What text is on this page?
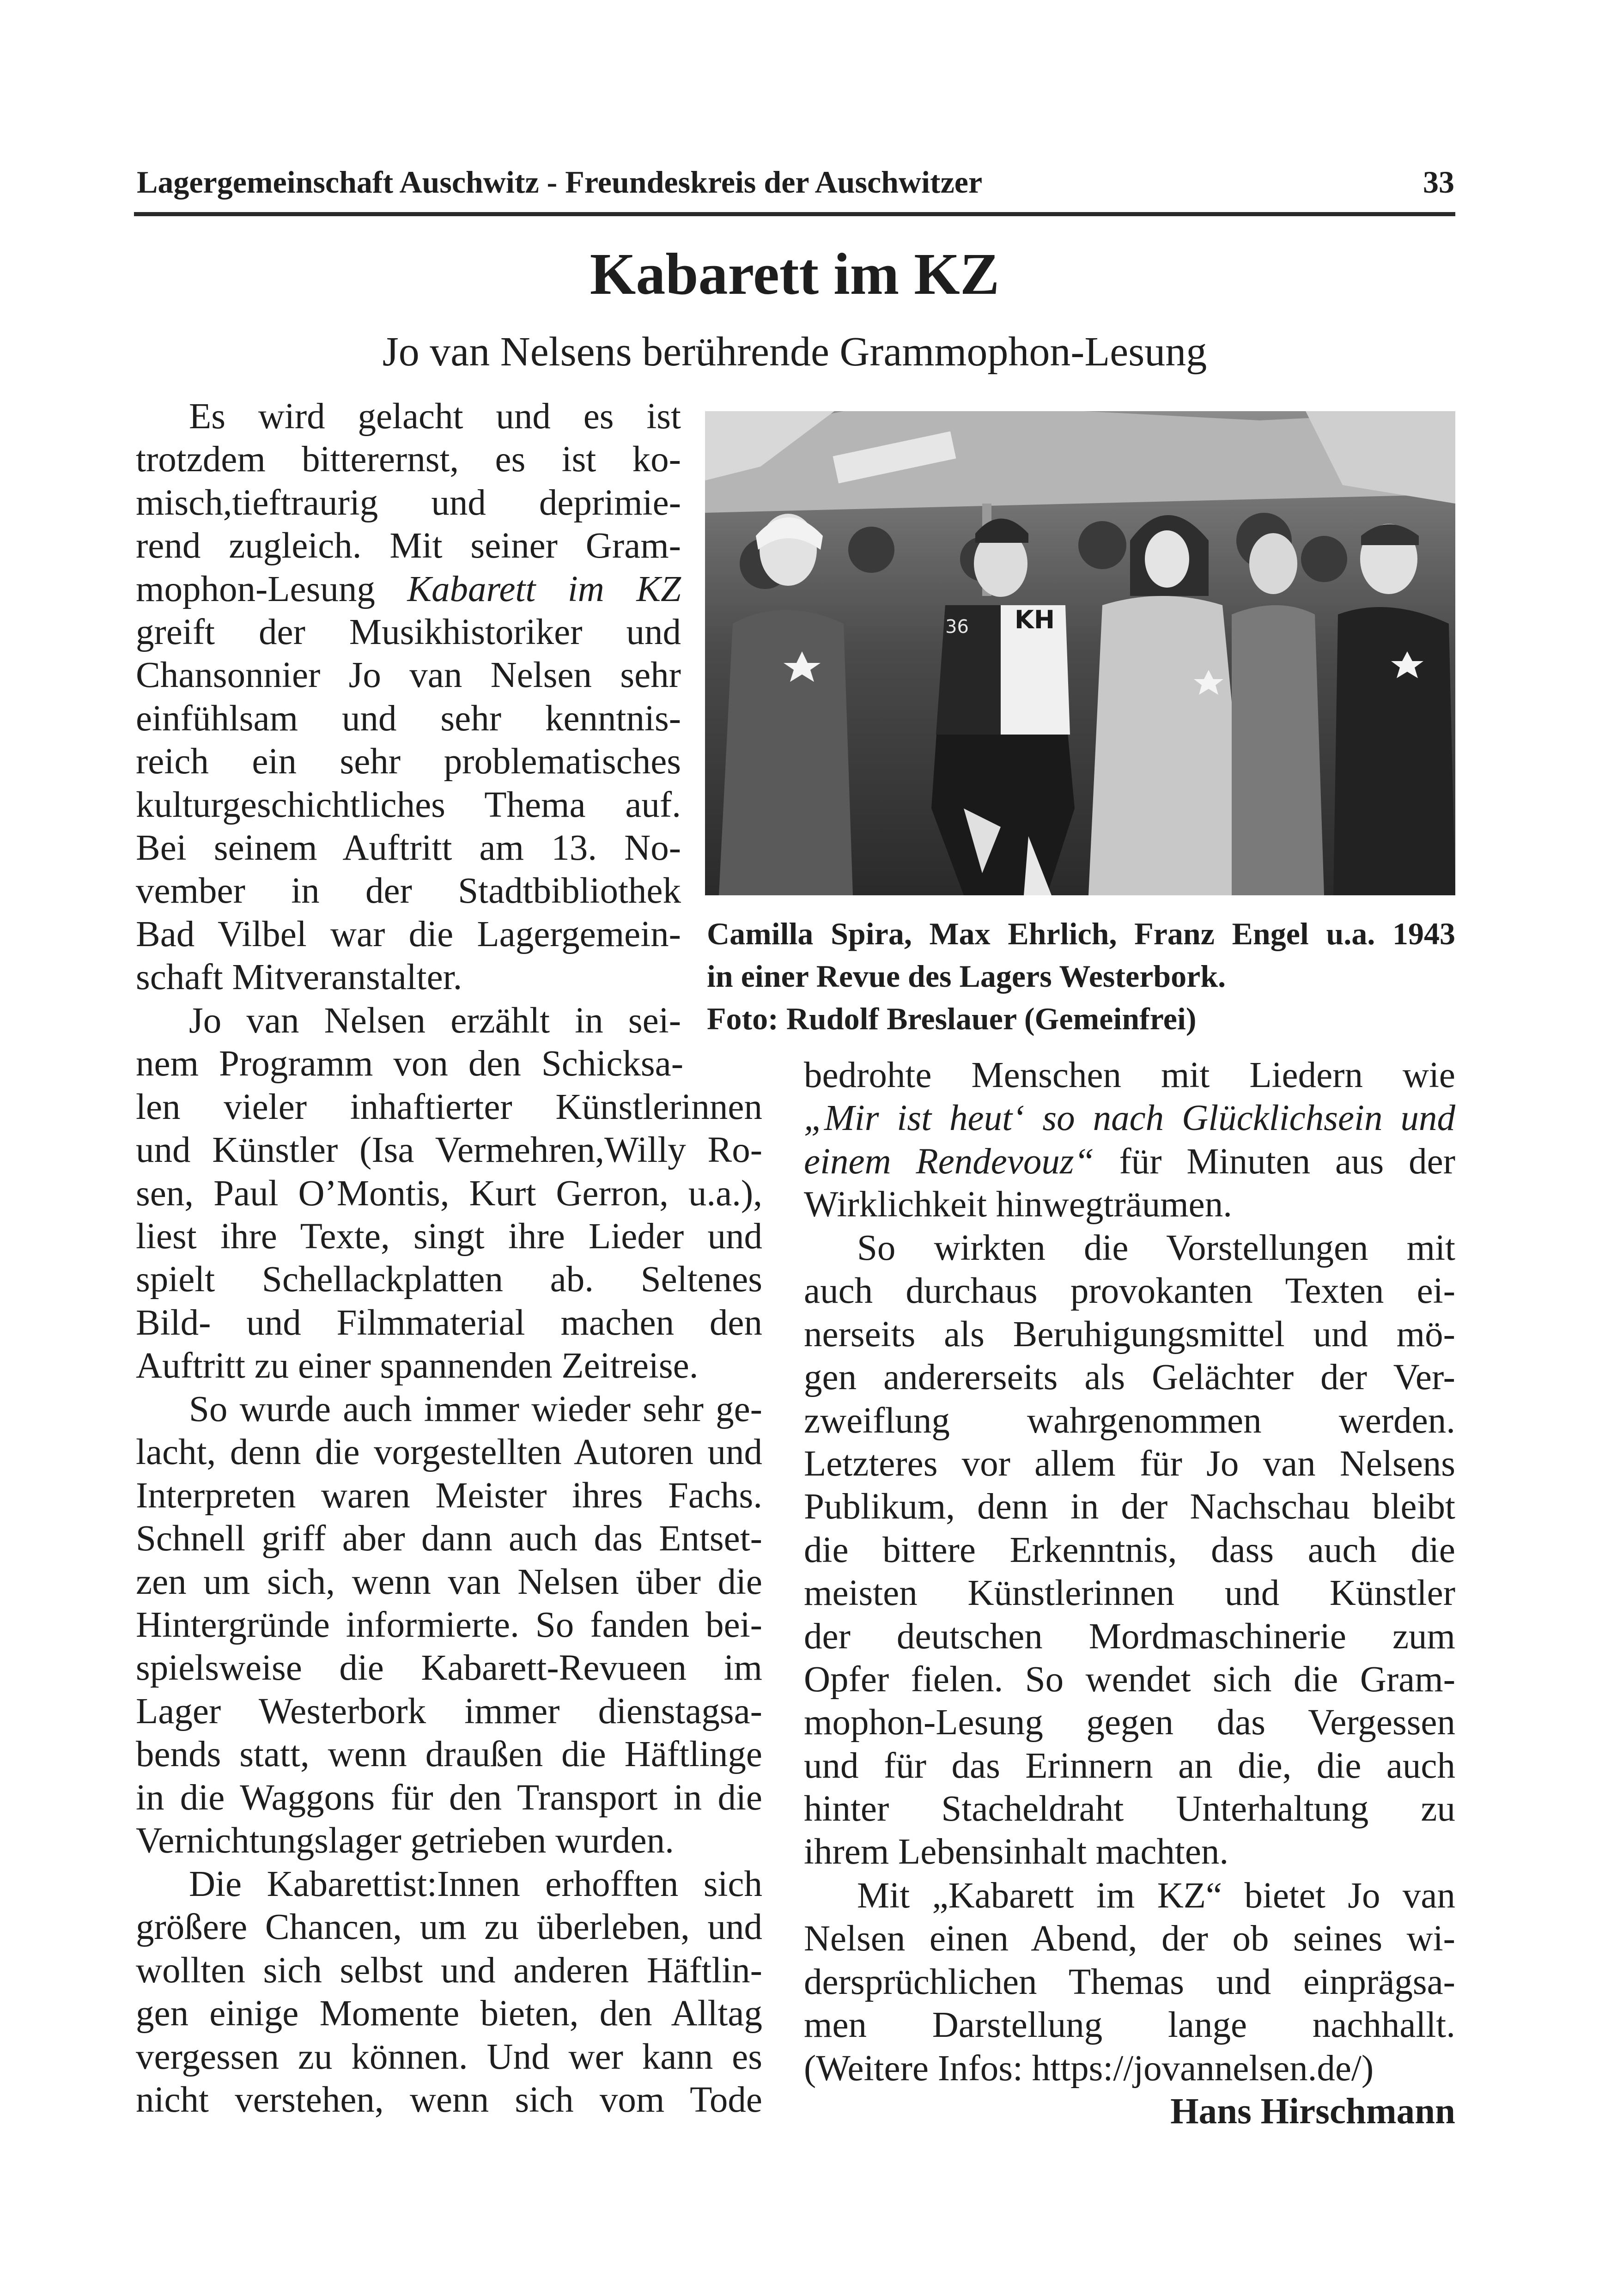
Lagergemeinschaft Auschwitz - Freundeskreis der Auschwitzer	33
Kabarett im KZ
Jo van Nelsens berührende Grammophon-Lesung
Es wird gelacht und es ist
trotzdem bitterernst, es ist ko-
misch,tieftraurig und deprimie-
rend zugleich. Mit seiner Gram-
mophon-Lesung Kabarett im KZ
greift der Musikhistoriker und
Chansonnier Jo van Nelsen sehr
einfühlsam und sehr kenntnis-
reich ein sehr problematisches
kulturgeschichtliches Thema auf.
Bei seinem Auftritt am 13. No-
vember in der Stadtbibliothek
Bad Vilbel war die Lagergemein-
schaft Mitveranstalter.
Jo van Nelsen erzählt in sei-
nem Programm von den Schicksa-
len vieler inhaftierter Künstlerinnen
und Künstler (Isa Vermehren,Willy Ro-
sen, Paul O’Montis, Kurt Gerron, u.a.),
liest ihre Texte, singt ihre Lieder und
spielt Schellackplatten ab. Seltenes
Bild- und Filmmaterial machen den
Auftritt zu einer spannenden Zeitreise.
So wurde auch immer wieder sehr ge-
lacht, denn die vorgestellten Autoren und
Interpreten waren Meister ihres Fachs.
Schnell griff aber dann auch das Entset-
zen um sich, wenn van Nelsen über die
Hintergründe informierte. So fanden bei-
spielsweise die Kabarett-Revueen im
Lager Westerbork immer dienstagsa-
bends statt, wenn draußen die Häftlinge
in die Waggons für den Transport in die
Vernichtungslager getrieben wurden.
Die Kabarettist:Innen erhofften sich
größere Chancen, um zu überleben, und
wollten sich selbst und anderen Häftlin-
gen einige Momente bieten, den Alltag
vergessen zu können. Und wer kann es
nicht verstehen, wenn sich vom Tode
KH
36
Camilla Spira, Max Ehrlich, Franz Engel u.a. 1943
in einer Revue des Lagers Westerbork.
Foto: Rudolf Breslauer (Gemeinfrei)
bedrohte Menschen mit Liedern wie
„Mir ist heut‘ so nach Glücklichsein und
einem Rendevouz“ für Minuten aus der
Wirklichkeit hinwegträumen.
So wirkten die Vorstellungen mit
auch durchaus provokanten Texten ei-
nerseits als Beruhigungsmittel und mö-
gen andererseits als Gelächter der Ver-
zweiflung wahrgenommen werden.
Letzteres vor allem für Jo van Nelsens
Publikum, denn in der Nachschau bleibt
die bittere Erkenntnis, dass auch die
meisten Künstlerinnen und Künstler
der deutschen Mordmaschinerie zum
Opfer fielen. So wendet sich die Gram-
mophon-Lesung gegen das Vergessen
und für das Erinnern an die, die auch
hinter Stacheldraht Unterhaltung zu
ihrem Lebensinhalt machten.
Mit „Kabarett im KZ“ bietet Jo van
Nelsen einen Abend, der ob seines wi-
dersprüchlichen Themas und einprägsa-
men Darstellung lange nachhallt.
(Weitere Infos: https://jovannelsen.de/)
Hans Hirschmann
